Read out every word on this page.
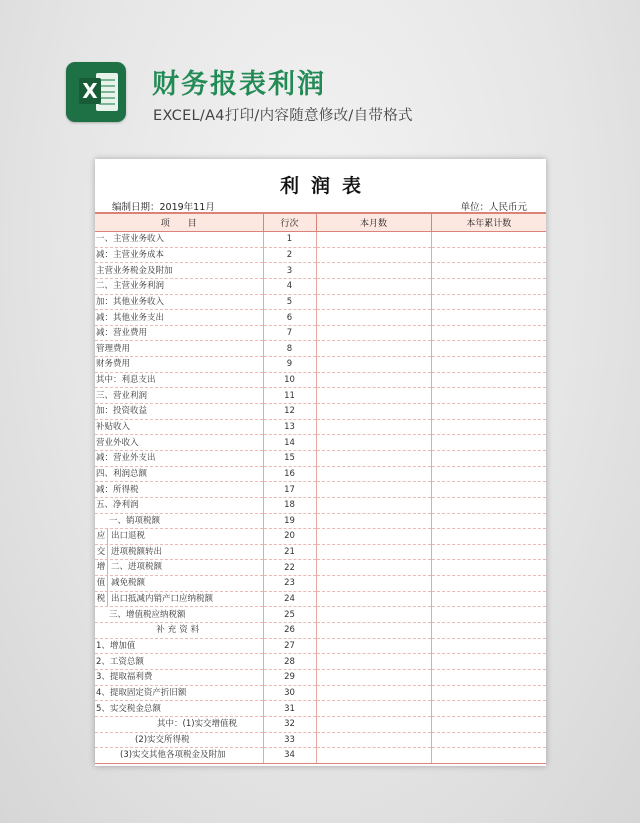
X 财务报表利润
EXCEL/A4打印/内容随意修改/自带格式
利润表
编制日期：2019年11月	单位：人民币元
项　　目	行次	本月数	本年累计数
一、主营业务收入	1		
减：主营业务成本	2		
主营业务税金及附加	3		
二、主营业务利润	4		
加：其他业务收入	5		
减：其他业务支出	6		
减：营业费用	7		
管理费用	8		
财务费用	9		
其中：利息支出	10		
三、营业利润	11		
加：投资收益	12		
补贴收入	13		
营业外收入	14		
减：营业外支出	15		
四、利润总额	16		
减：所得税	17		
五、净利润	18		
一、销项税额	19		

应 出口退税	20		

交 进项税额转出	21		

增 二、进项税额	22		

值 减免税额	23		

税 出口抵减内销产口应纳税额	24		
三、增值税应纳税额	25		
补充资料	26		
1、增加值	27		
2、工资总额	28		
3、提取福利费	29		
4、提取固定资产折旧额	30		
5、实交税金总额	31		
其中：(1)实交增值税	32		
(2)实交所得税	33		
(3)实交其他各项税金及附加	34		
